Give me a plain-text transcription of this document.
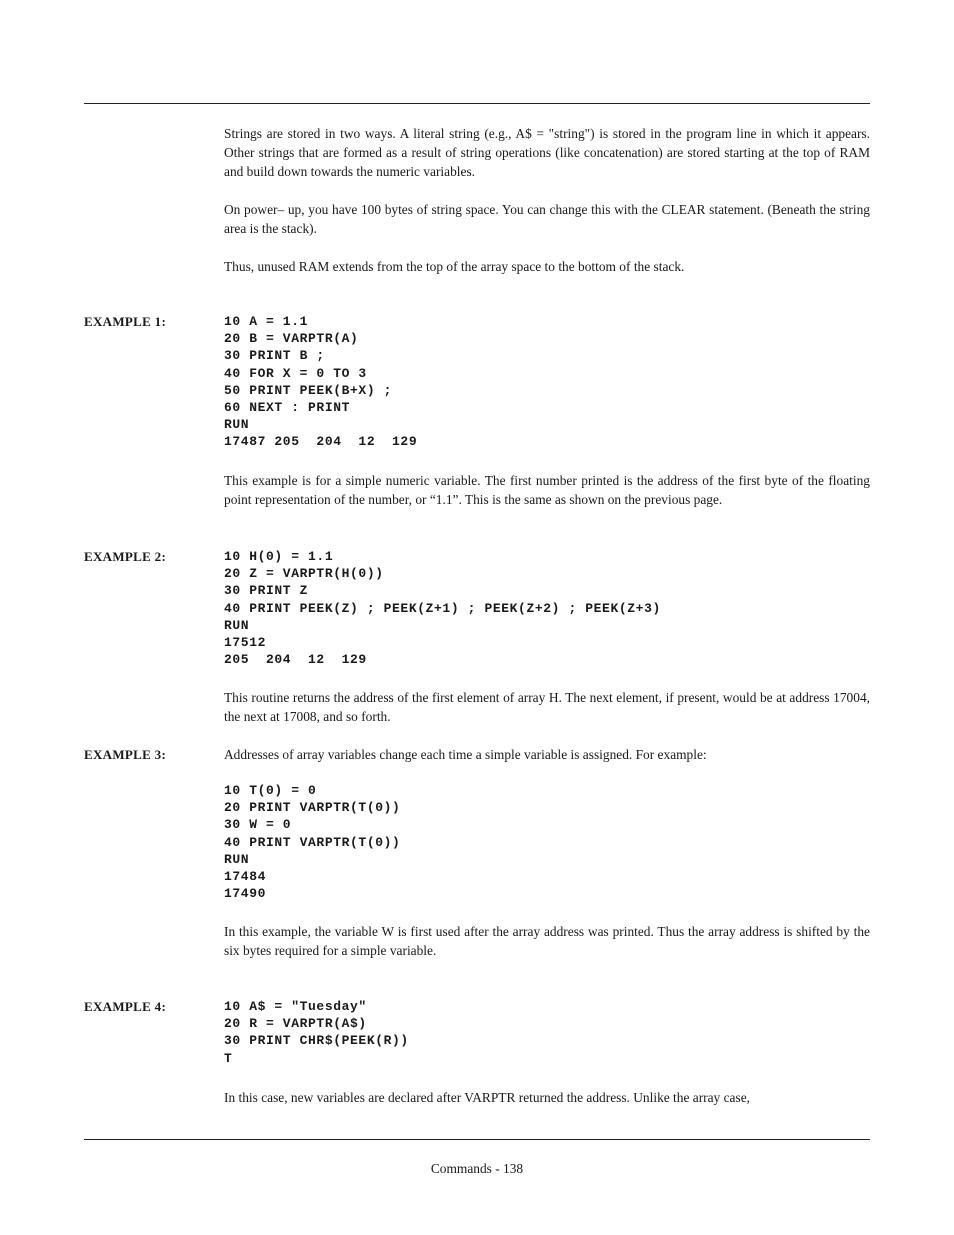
Strings are stored in two ways. A literal string (e.g., A$ = "string") is stored in the program line in which it appears. Other strings that are formed as a result of string operations (like concatenation) are stored starting at the top of RAM and build down towards the numeric variables.

On power– up, you have 100 bytes of string space. You can change this with the CLEAR statement. (Beneath the string area is the stack).

Thus, unused RAM extends from the top of the array space to the bottom of the stack.

EXAMPLE 1:	10 A = 1.1
20 B = VARPTR(A)
30 PRINT B ;
40 FOR X = 0 TO 3
50 PRINT PEEK(B+X) ;
60 NEXT : PRINT
RUN
17487 205  204  12  129

This example is for a simple numeric variable. The first number printed is the address of the first byte of the floating point representation of the number, or “1.1”. This is the same as shown on the previous page.

EXAMPLE 2:	10 H(0) = 1.1
20 Z = VARPTR(H(0))
30 PRINT Z
40 PRINT PEEK(Z) ; PEEK(Z+1) ; PEEK(Z+2) ; PEEK(Z+3)
RUN
17512
205  204  12  129

This routine returns the address of the first element of array H. The next element, if present, would be at address 17004, the next at 17008, and so forth.

EXAMPLE 3:	Addresses of array variables change each time a simple variable is assigned. For example:

10 T(0) = 0
20 PRINT VARPTR(T(0))
30 W = 0
40 PRINT VARPTR(T(0))
RUN
17484
17490

In this example, the variable W is first used after the array address was printed. Thus the array address is shifted by the six bytes required for a simple variable.

EXAMPLE 4:	10 A$ = "Tuesday"
20 R = VARPTR(A$)
30 PRINT CHR$(PEEK(R))
T

In this case, new variables are declared after VARPTR returned the address. Unlike the array case,

Commands - 138
